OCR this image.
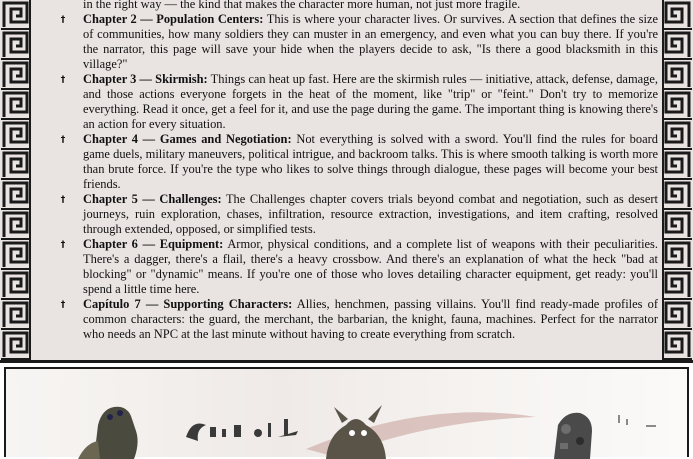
in the right way — the kind that makes the character more human, not just more fragile.

† Chapter 2 — Population Centers: This is where your character lives. Or survives. A section that defines the size of communities, how many soldiers they can muster in an emergency, and even what you can buy there. If you're the narrator, this page will save your hide when the players decide to ask, "Is there a good blacksmith in this village?"

† Chapter 3 — Skirmish: Things can heat up fast. Here are the skirmish rules — initiative, attack, defense, damage, and those actions everyone forgets in the heat of the moment, like "trip" or "feint." Don't try to memorize everything. Read it once, get a feel for it, and use the page during the game. The important thing is knowing there's an action for every situation.

† Chapter 4 — Games and Negotiation: Not everything is solved with a sword. You'll find the rules for board game duels, military maneuvers, political intrigue, and backroom talks. This is where smooth talking is worth more than brute force. If you're the type who likes to solve things through dialogue, these pages will become your best friends.

† Chapter 5 — Challenges: The Challenges chapter covers trials beyond combat and negotiation, such as desert journeys, ruin exploration, chases, infiltration, resource extraction, investigations, and item crafting, resolved through extended, opposed, or simplified tests.

† Chapter 6 — Equipment: Armor, physical conditions, and a complete list of weapons with their peculiarities. There's a dagger, there's a flail, there's a heavy crossbow. And there's an explanation of what the heck "bad at blocking" or "dynamic" means. If you're one of those who loves detailing character equipment, get ready: you'll spend a little time here.

† Capítulo 7 — Supporting Characters: Allies, henchmen, passing villains. You'll find ready-made profiles of common characters: the guard, the merchant, the barbarian, the knight, fauna, machines. Perfect for the narrator who needs an NPC at the last minute without having to create everything from scratch.
